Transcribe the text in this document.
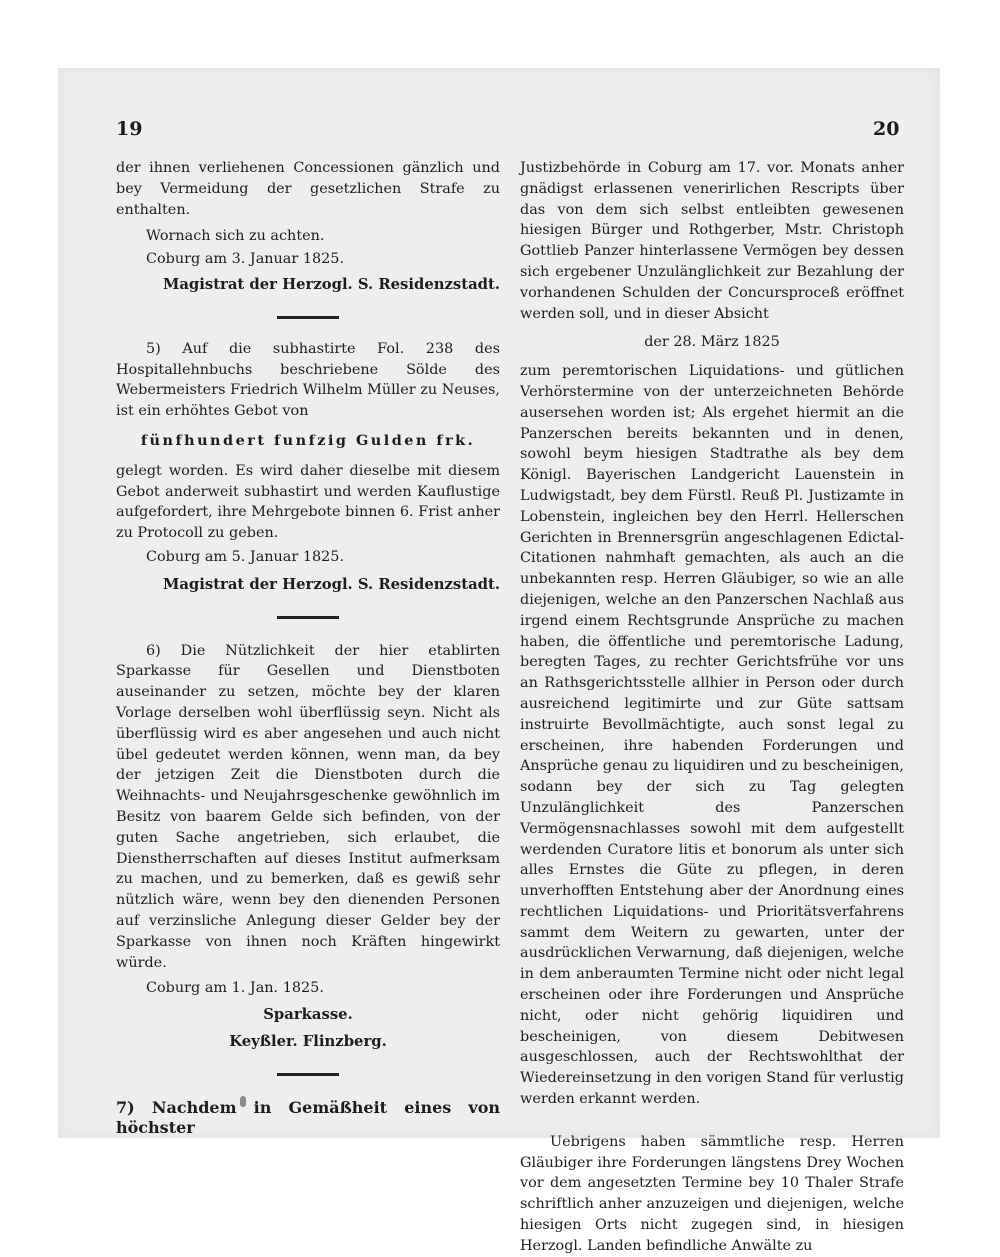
19	20

der ihnen verliehenen Concessionen gänzlich und bey Vermeidung der gesetzlichen Strafe zu enthalten.

Wornach sich zu achten.

Coburg am 3. Januar 1825.

Magistrat der Herzogl. S. Residenzstadt.

5) Auf die subhastirte Fol. 238 des Hospitallehnbuchs beschriebene Sölde des Webermeisters Friedrich Wilhelm Müller zu Neuses, ist ein erhöhtes Gebot von

fünfhundert funfzig Gulden frk.

gelegt worden. Es wird daher dieselbe mit diesem Gebot anderweit subhastirt und werden Kauflustige aufgefordert, ihre Mehrgebote binnen 6. Frist anher zu Protocoll zu geben.

Coburg am 5. Januar 1825.

Magistrat der Herzogl. S. Residenzstadt.

6) Die Nützlichkeit der hier etablirten Sparkasse für Gesellen und Dienstboten auseinander zu setzen, möchte bey der klaren Vorlage derselben wohl überflüssig seyn. Nicht als überflüssig wird es aber angesehen und auch nicht übel gedeutet werden können, wenn man, da bey der jetzigen Zeit die Dienstboten durch die Weihnachts- und Neujahrsgeschenke gewöhnlich im Besitz von baarem Gelde sich befinden, von der guten Sache angetrieben, sich erlaubet, die Dienstherrschaften auf dieses Institut aufmerksam zu machen, und zu bemerken, daß es gewiß sehr nützlich wäre, wenn bey den dienenden Personen auf verzinsliche Anlegung dieser Gelder bey der Sparkasse von ihnen noch Kräften hingewirkt würde.

Coburg am 1. Jan. 1825.

Sparkasse.

Keyßler. Flinzberg.

7) Nachdem in Gemäßheit eines von höchster

Justizbehörde in Coburg am 17. vor. Monats anher gnädigst erlassenen venerirlichen Rescripts über das von dem sich selbst entleibten gewesenen hiesigen Bürger und Rothgerber, Mstr. Christoph Gottlieb Panzer hinterlassene Vermögen bey dessen sich ergebener Unzulänglichkeit zur Bezahlung der vorhandenen Schulden der Concursproceß eröffnet werden soll, und in dieser Absicht

der 28. März 1825

zum peremtorischen Liquidations- und gütlichen Verhörstermine von der unterzeichneten Behörde ausersehen worden ist; Als ergehet hiermit an die Panzerschen bereits bekannten und in denen, sowohl beym hiesigen Stadtrathe als bey dem Königl. Bayerischen Landgericht Lauenstein in Ludwigstadt, bey dem Fürstl. Reuß Pl. Justizamte in Lobenstein, ingleichen bey den Herrl. Hellerschen Gerichten in Brennersgrün angeschlagenen Edictal-Citationen nahmhaft gemachten, als auch an die unbekannten resp. Herren Gläubiger, so wie an alle diejenigen, welche an den Panzerschen Nachlaß aus irgend einem Rechtsgrunde Ansprüche zu machen haben, die öffentliche und peremtorische Ladung, beregten Tages, zu rechter Gerichtsfrühe vor uns an Rathsgerichtsstelle allhier in Person oder durch ausreichend legitimirte und zur Güte sattsam instruirte Bevollmächtigte, auch sonst legal zu erscheinen, ihre habenden Forderungen und Ansprüche genau zu liquidiren und zu bescheinigen, sodann bey der sich zu Tag gelegten Unzulänglichkeit des Panzerschen Vermögensnachlasses sowohl mit dem aufgestellt werdenden Curatore litis et bonorum als unter sich alles Ernstes die Güte zu pflegen, in deren unverhofften Entstehung aber der Anordnung eines rechtlichen Liquidations- und Prioritätsverfahrens sammt dem Weitern zu gewarten, unter der ausdrücklichen Verwarnung, daß diejenigen, welche in dem anberaumten Termine nicht oder nicht legal erscheinen oder ihre Forderungen und Ansprüche nicht, oder nicht gehörig liquidiren und bescheinigen, von diesem Debitwesen ausgeschlossen, auch der Rechtswohlthat der Wiedereinsetzung in den vorigen Stand für verlustig werden erkannt werden.

Uebrigens haben sämmtliche resp. Herren Gläubiger ihre Forderungen längstens Drey Wochen vor dem angesetzten Termine bey 10 Thaler Strafe schriftlich anher anzuzeigen und diejenigen, welche hiesigen Orts nicht zugegen sind, in hiesigen Herzogl. Landen befindliche Anwälte zu
